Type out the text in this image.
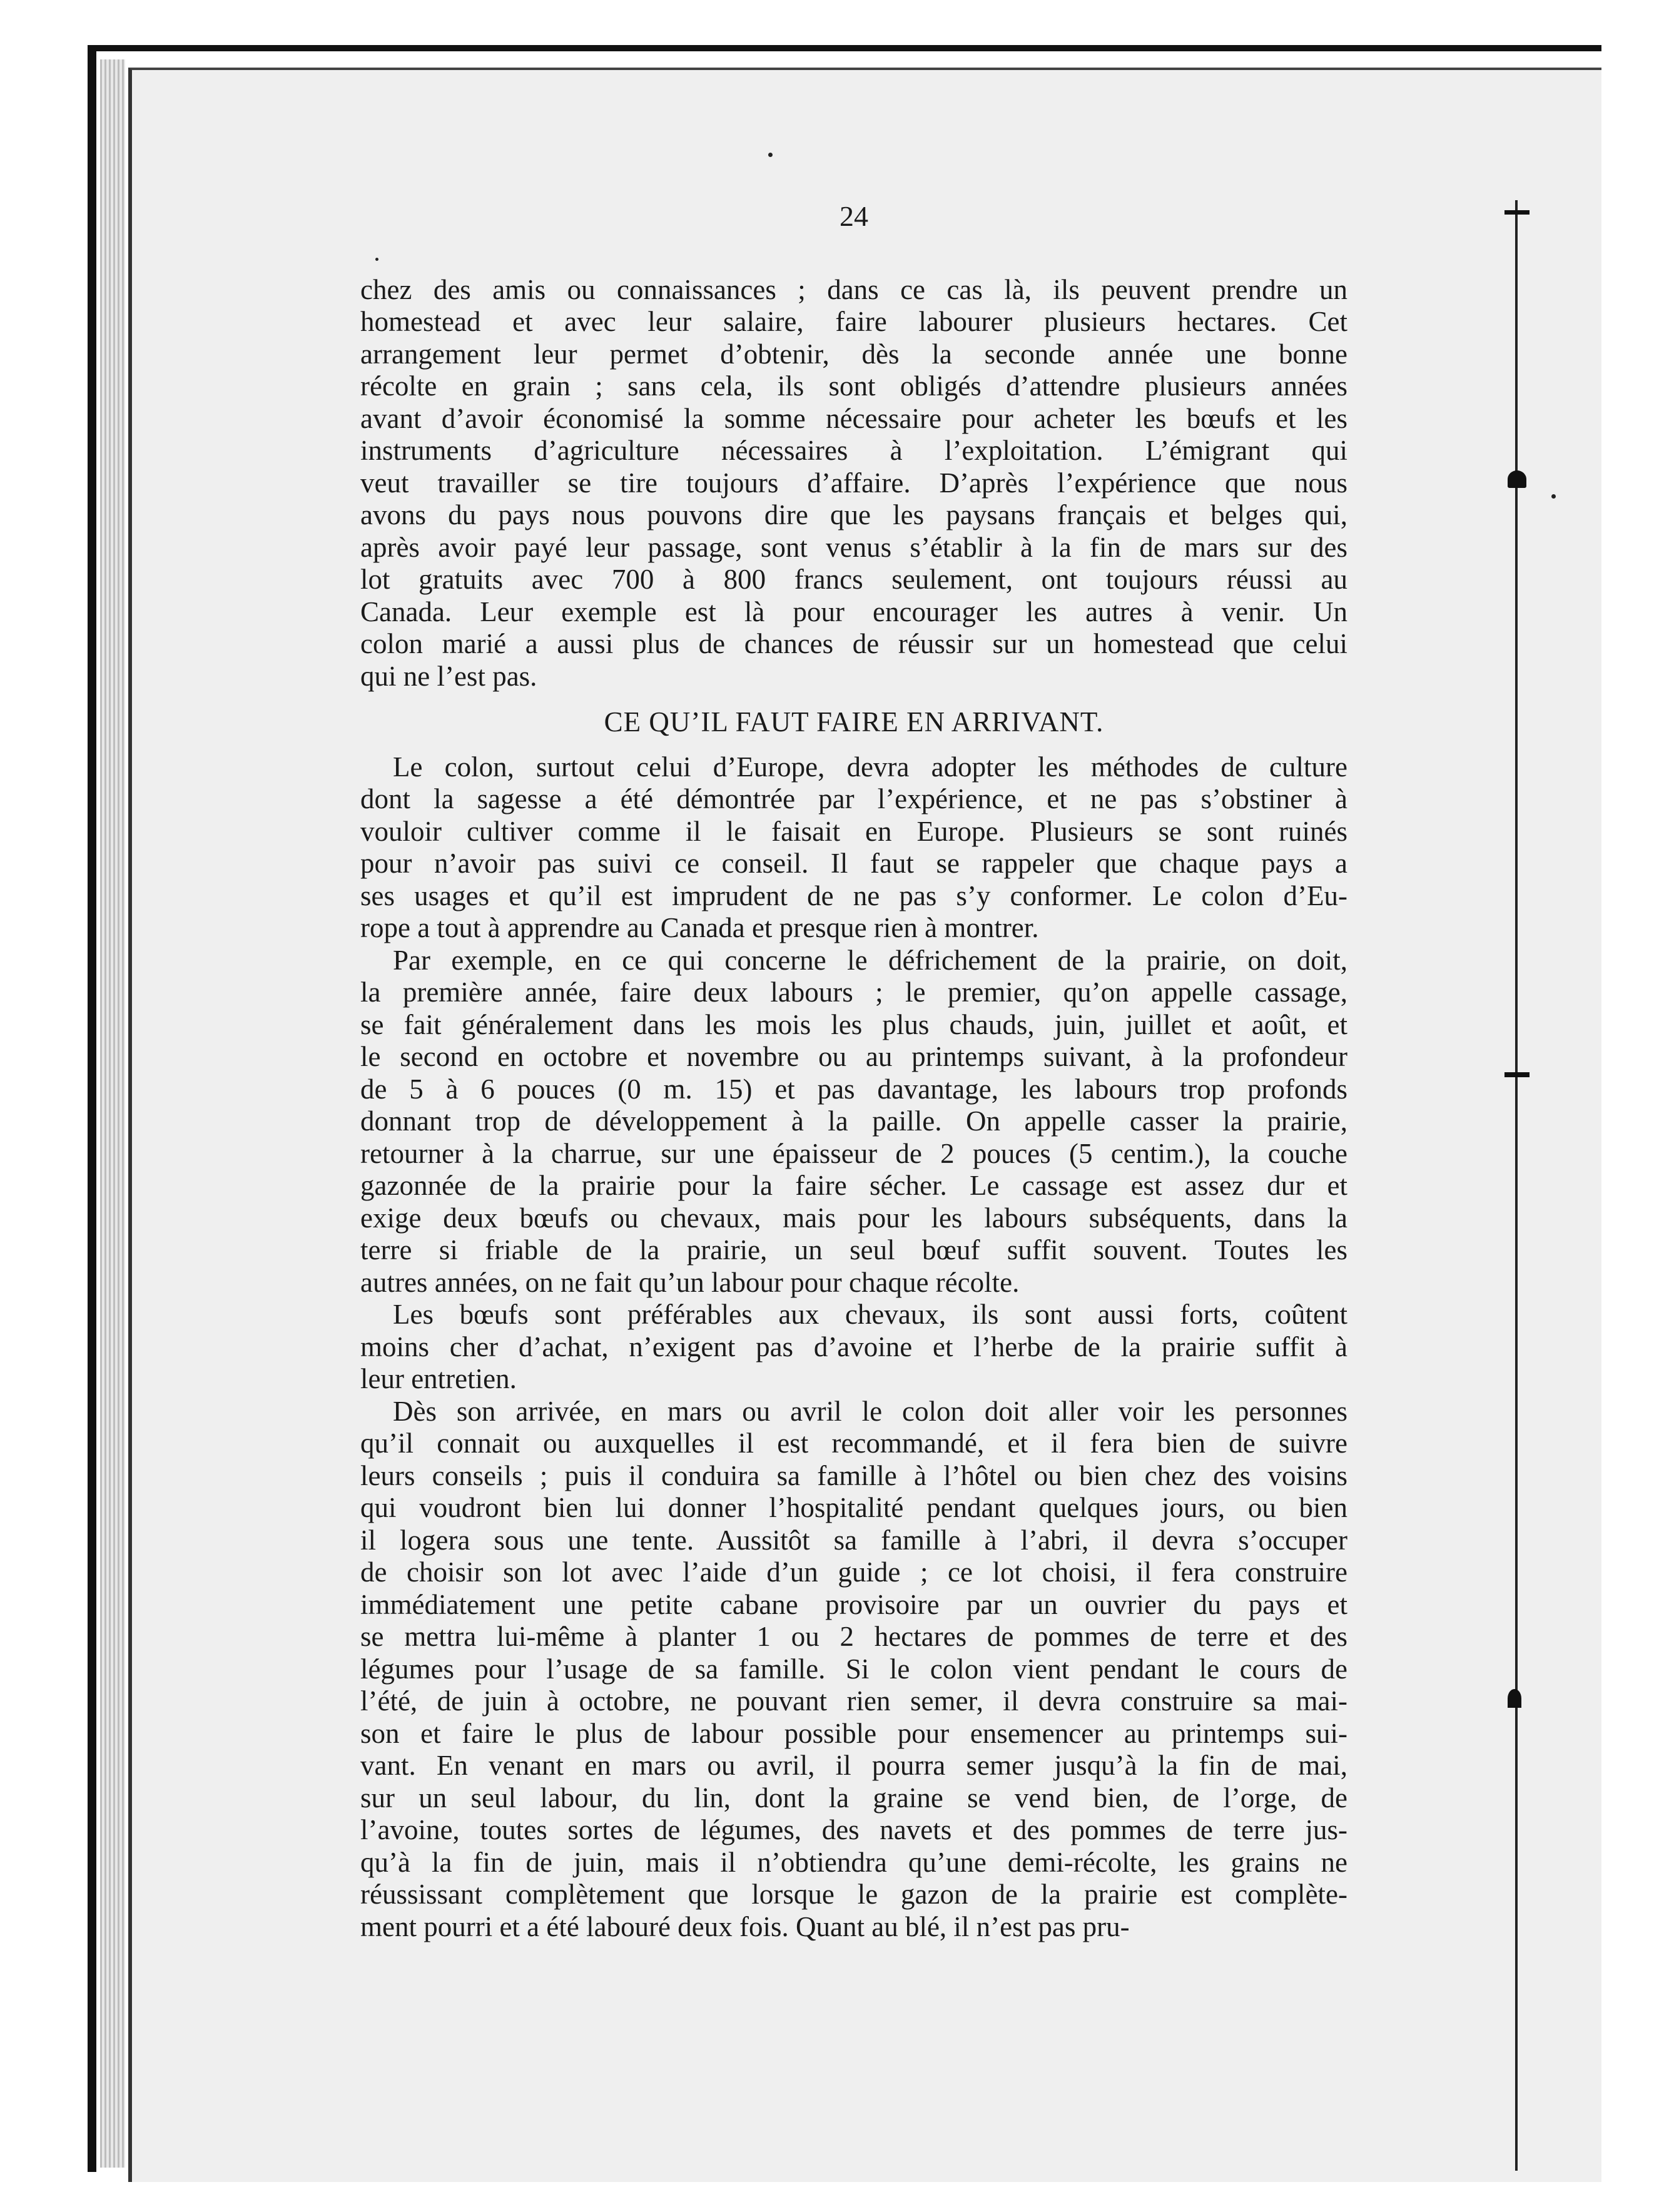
24
chez des amis ou connaissances ; dans ce cas là, ils peuvent prendre un
homestead et avec leur salaire, faire labourer plusieurs hectares. Cet
arrangement leur permet d’obtenir, dès la seconde année une bonne
récolte en grain ; sans cela, ils sont obligés d’attendre plusieurs années
avant d’avoir économisé la somme nécessaire pour acheter les bœufs et les
instruments d’agriculture nécessaires à l’exploitation. L’émigrant qui
veut travailler se tire toujours d’affaire. D’après l’expérience que nous
avons du pays nous pouvons dire que les paysans français et belges qui,
après avoir payé leur passage, sont venus s’établir à la fin de mars sur des
lot gratuits avec 700 à 800 francs seulement, ont toujours réussi au
Canada. Leur exemple est là pour encourager les autres à venir. Un
colon marié a aussi plus de chances de réussir sur un homestead que celui
qui ne l’est pas.
CE QU’IL FAUT FAIRE EN ARRIVANT.
Le colon, surtout celui d’Europe, devra adopter les méthodes de culture
dont la sagesse a été démontrée par l’expérience, et ne pas s’obstiner à
vouloir cultiver comme il le faisait en Europe. Plusieurs se sont ruinés
pour n’avoir pas suivi ce conseil. Il faut se rappeler que chaque pays a
ses usages et qu’il est imprudent de ne pas s’y conformer. Le colon d’Eu-
rope a tout à apprendre au Canada et presque rien à montrer.
Par exemple, en ce qui concerne le défrichement de la prairie, on doit,
la première année, faire deux labours ; le premier, qu’on appelle cassage,
se fait généralement dans les mois les plus chauds, juin, juillet et août, et
le second en octobre et novembre ou au printemps suivant, à la profondeur
de 5 à 6 pouces (0 m. 15) et pas davantage, les labours trop profonds
donnant trop de développement à la paille. On appelle casser la prairie,
retourner à la charrue, sur une épaisseur de 2 pouces (5 centim.), la couche
gazonnée de la prairie pour la faire sécher. Le cassage est assez dur et
exige deux bœufs ou chevaux, mais pour les labours subséquents, dans la
terre si friable de la prairie, un seul bœuf suffit souvent. Toutes les
autres années, on ne fait qu’un labour pour chaque récolte.
Les bœufs sont préférables aux chevaux, ils sont aussi forts, coûtent
moins cher d’achat, n’exigent pas d’avoine et l’herbe de la prairie suffit à
leur entretien.
Dès son arrivée, en mars ou avril le colon doit aller voir les personnes
qu’il connait ou auxquelles il est recommandé, et il fera bien de suivre
leurs conseils ; puis il conduira sa famille à l’hôtel ou bien chez des voisins
qui voudront bien lui donner l’hospitalité pendant quelques jours, ou bien
il logera sous une tente. Aussitôt sa famille à l’abri, il devra s’occuper
de choisir son lot avec l’aide d’un guide ; ce lot choisi, il fera construire
immédiatement une petite cabane provisoire par un ouvrier du pays et
se mettra lui-même à planter 1 ou 2 hectares de pommes de terre et des
légumes pour l’usage de sa famille. Si le colon vient pendant le cours de
l’été, de juin à octobre, ne pouvant rien semer, il devra construire sa mai-
son et faire le plus de labour possible pour ensemencer au printemps sui-
vant. En venant en mars ou avril, il pourra semer jusqu’à la fin de mai,
sur un seul labour, du lin, dont la graine se vend bien, de l’orge, de
l’avoine, toutes sortes de légumes, des navets et des pommes de terre jus-
qu’à la fin de juin, mais il n’obtiendra qu’une demi-récolte, les grains ne
réussissant complètement que lorsque le gazon de la prairie est complète-
ment pourri et a été labouré deux fois. Quant au blé, il n’est pas pru-
